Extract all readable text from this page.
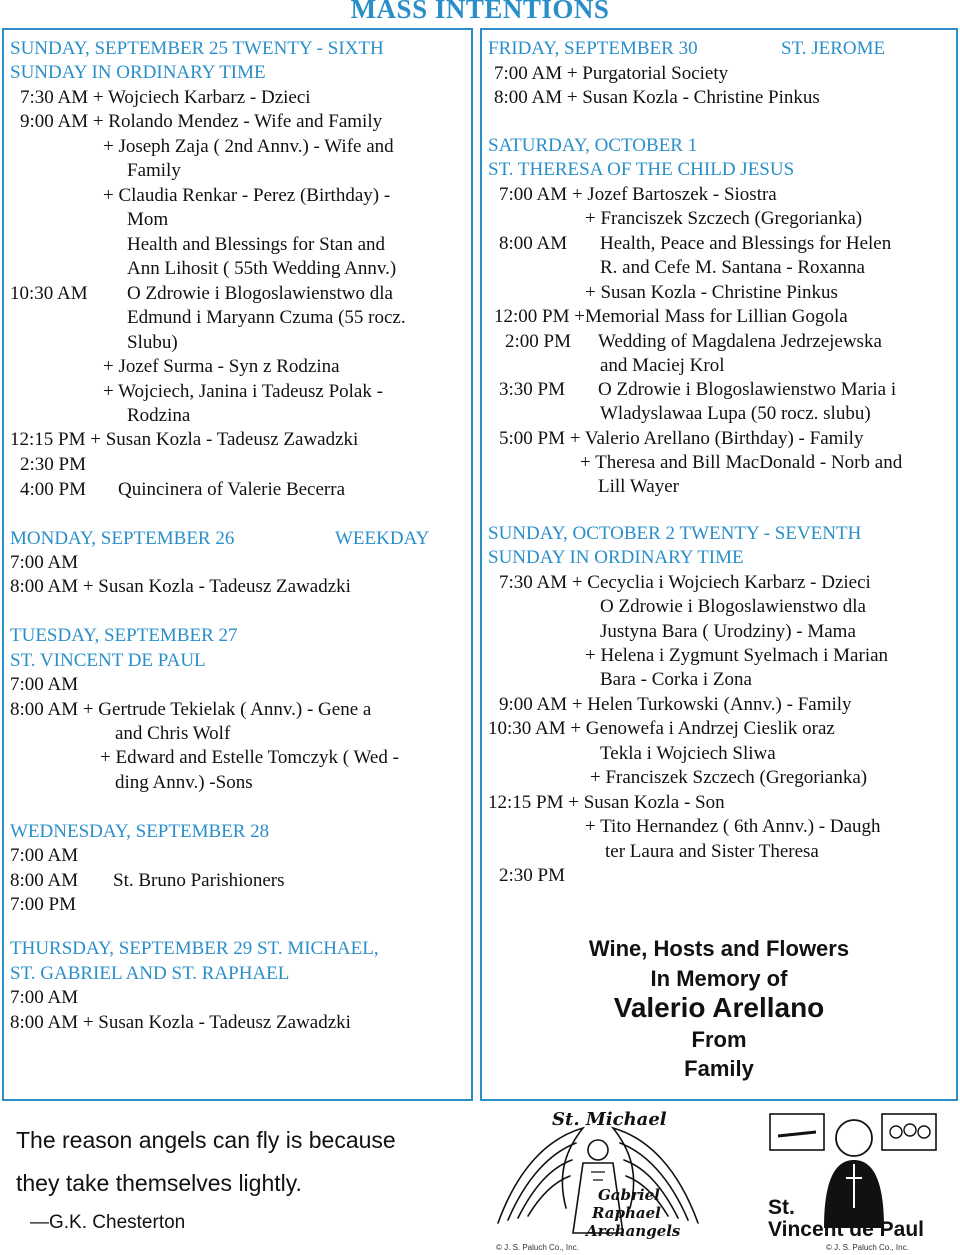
MASS INTENTIONS
SUNDAY, SEPTEMBER 25 TWENTY - SIXTH
SUNDAY IN ORDINARY TIME
7:30 AM + Wojciech Karbarz - Dzieci
9:00 AM + Rolando Mendez - Wife and Family
+ Joseph Zaja ( 2nd Annv.) - Wife and
Family
+ Claudia Renkar - Perez (Birthday) -
Mom
Health and Blessings for Stan and
Ann Lihosit ( 55th Wedding Annv.)
10:30 AM O Zdrowie i Blogoslawienstwo dla
Edmund i Maryann Czuma (55 rocz.
Slubu)
+ Jozef Surma - Syn z Rodzina
+ Wojciech, Janina i Tadeusz Polak -
Rodzina
12:15 PM + Susan Kozla - Tadeusz Zawadzki
2:30 PM
4:00 PM Quincinera of Valerie Becerra
MONDAY, SEPTEMBER 26	WEEKDAY
7:00 AM
8:00 AM + Susan Kozla - Tadeusz Zawadzki
TUESDAY, SEPTEMBER 27
ST. VINCENT DE PAUL
7:00 AM
8:00 AM + Gertrude Tekielak ( Annv.) - Gene a
and Chris Wolf
+ Edward and Estelle Tomczyk ( Wed -
ding Annv.) -Sons
WEDNESDAY, SEPTEMBER 28
7:00 AM
8:00 AM St. Bruno Parishioners
7:00 PM
THURSDAY, SEPTEMBER 29 ST. MICHAEL,
ST. GABRIEL AND ST. RAPHAEL
7:00 AM
8:00 AM + Susan Kozla - Tadeusz Zawadzki
FRIDAY, SEPTEMBER 30	ST. JEROME
7:00 AM + Purgatorial Society
8:00 AM + Susan Kozla - Christine Pinkus
SATURDAY, OCTOBER 1
ST. THERESA OF THE CHILD JESUS
7:00 AM + Jozef Bartoszek - Siostra
+ Franciszek Szczech (Gregorianka)
8:00 AM Health, Peace and Blessings for Helen
R. and Cefe M. Santana - Roxanna
+ Susan Kozla - Christine Pinkus
12:00 PM +Memorial Mass for Lillian Gogola
2:00 PM Wedding of Magdalena Jedrzejewska
and Maciej Krol
3:30 PM O Zdrowie i Blogoslawienstwo Maria i
Wladyslawaa Lupa (50 rocz. slubu)
5:00 PM + Valerio Arellano (Birthday) - Family
+ Theresa and Bill MacDonald - Norb and
Lill Wayer
SUNDAY, OCTOBER 2 TWENTY - SEVENTH
SUNDAY IN ORDINARY TIME
7:30 AM + Cecyclia i Wojciech Karbarz - Dzieci
O Zdrowie i Blogoslawienstwo dla
Justyna Bara ( Urodziny) - Mama
+ Helena i Zygmunt Syelmach i Marian
Bara - Corka i Zona
9:00 AM + Helen Turkowski (Annv.) - Family
10:30 AM + Genowefa i Andrzej Cieslik oraz
Tekla i Wojciech Sliwa
+ Franciszek Szczech (Gregorianka)
12:15 PM + Susan Kozla - Son
+ Tito Hernandez ( 6th Annv.) - Daugh
ter Laura and Sister Theresa
2:30 PM
Wine, Hosts and Flowers
In Memory of
Valerio Arellano
From
Family
The reason angels can fly is because
they take themselves lightly.
—G.K. Chesterton
St. Michael
Gabriel
Raphael
Archangels
© J. S. Paluch Co., Inc.
St.
Vincent de Paul
© J. S. Paluch Co., Inc.
